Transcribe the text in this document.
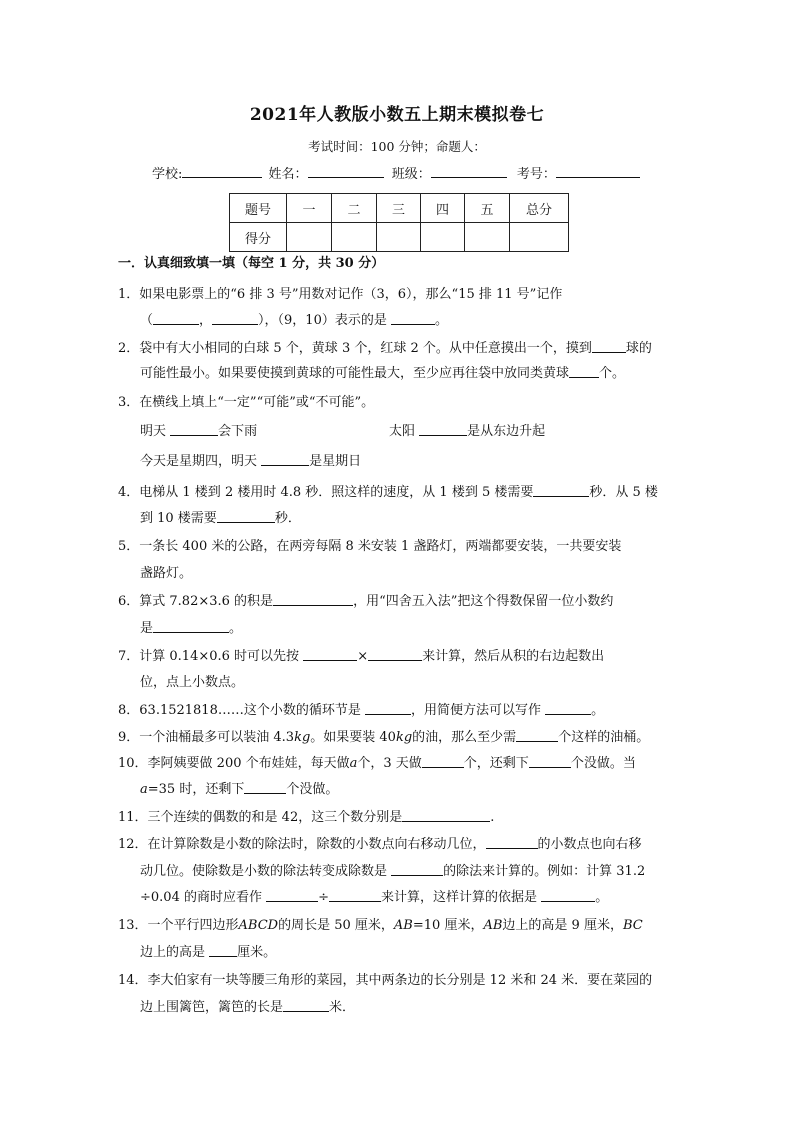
2021年人教版小数五上期末模拟卷七
考试时间：100 分钟；命题人：
学校:	姓名：	班级：	考号：
题号	一	二	三	四	五	总分
得分						
一．认真细致填一填（每空 1 分，共 30 分）
1．如果电影票上的“6 排 3 号”用数对记作（3，6），那么“15 排 11 号”记作
（	，	），（9，10）表示的是	。
2．袋中有大小相同的白球 5 个，黄球 3 个，红球 2 个。从中任意摸出一个，摸到	球的
可能性最小。如果要使摸到黄球的可能性最大，至少应再往袋中放同类黄球 个。
3．在横线上填上“一定”“可能”或“不可能”。
明天	会下雨	太阳	是从东边升起
今天是星期四，明天	是星期日
4．电梯从 1 楼到 2 楼用时 4.8 秒．照这样的速度，从 1 楼到 5 楼需要	秒．从 5 楼
到 10 楼需要	秒．
5．一条长 400 米的公路，在两旁每隔 8 米安装 1 盏路灯，两端都要安装，一共要安装
盏路灯。
6．算式 7.82×3.6 的积是	，用“四舍五入法”把这个得数保留一位小数约
是	。
7．计算 0.14×0.6 时可以先按	×	来计算，然后从积的右边起数出
位，点上小数点。
8．63.1521818……这个小数的循环节是	，用简便方法可以写作	。
9．一个油桶最多可以装油 4.3kg。如果要装 40kg的油，那么至少需	个这样的油桶。
10．李阿姨要做 200 个布娃娃，每天做a个，3 天做	个，还剩下	个没做。当
a=35 时，还剩下	个没做。
11．三个连续的偶数的和是 42，这三个数分别是	.
12．在计算除数是小数的除法时，除数的小数点向右移动几位，	的小数点也向右移
动几位。使除数是小数的除法转变成除数是	的除法来计算的。例如：计算 31.2
÷0.04 的商时应看作	÷	来计算，这样计算的依据是	。
13．一个平行四边形ABCD的周长是 50 厘米，AB=10 厘米，AB边上的高是 9 厘米，BC
边上的高是 厘米。
14．李大伯家有一块等腰三角形的菜园，其中两条边的长分别是 12 米和 24 米．要在菜园的
边上围篱笆，篱笆的长是	米．
